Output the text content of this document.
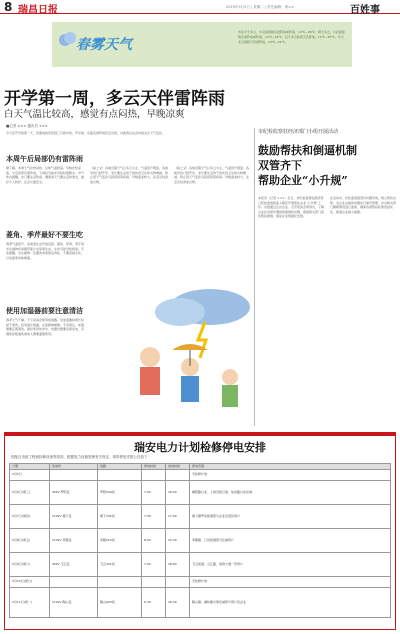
8 瑞昌日报	2019年3月5日 | 星期二 | 责任编辑：黄××	百姓事
春雾天气
市区今天多云，午后到傍晚有雷阵雨或阵雨，13℃~26℃；明天多云，午后到傍晚有雷阵雨或阵雨，13℃~25℃；后天多云转阴天有阵雨，14℃~25℃。今天多云到阴天有雷阵雨，13℃~24℃。
开学第一周，多云天伴雷阵雨
白天气温比较高，感觉有点闷热，早晚凉爽
■记者 ××× 通讯员 ×××
今天是开学的第一天，但暴雨的危机到三月的中旬。开学前，后面有雷阵雨还后出现，对此我们也会持续关注天气变化。
本周午后局部仍有雷阵雨
据了解，本周天气比较闷热，总体气温较高。早晚比较凉爽，午后局部有雷阵雨，下雨时可能伴有短时强降水。市气象台提醒，出门要注意防雨，遇雷雨天气要注意防雷击，做好个人防护，注意交通安全。
菱角、季芹最好不要生吃
春季气温回升，各类寄生虫开始活跃。菱角、荸荠、季芹等水生植物容易携带姜片虫等寄生虫，生吃可能导致感染。专家提醒，水生植物一定要洗净煮熟后再吃，不要直接生吃，以免损害身体健康。
使用加湿器前要注意清洁
春季天气干燥，不少家庭会使用加湿器。但加湿器如果长时间不清洗，容易滋生细菌，反而影响健康。专家建议，加湿器要定期清洗，最好使用纯净水，放置位置要远离家电，有慢性呼吸道疾病的人群要谨慎使用。
（接上文）各地近期天气以多云为主，气温回升明显。各地学校已经开学，家长要注意孩子的饮食卫生和衣物增减，防止因天气变化引起感冒等疾病。早晚温差较大，注意及时添加衣物。
（接上文）各地近期天气以多云为主，气温回升明显。各地学校已经开学，家长要注意孩子的饮食卫生和衣物增减，防止因天气变化引起感冒等疾病。早晚温差较大，注意及时添加衣物。
市纪检监察驻经济部门小组开展活动
鼓励帮扶和倒逼机制
双管齐下
帮助企业“小升规”
本报讯（记者 ×××）近日，市纪检监察驻经济部门纪检监察组深入辖区开展帮扶企业“小升规”工作。该组通过走访企业、召开座谈会等形式，了解企业在发展中遇到的困难和问题，督促相关部门落实帮扶措施，推动企业规模化发展。
在活动中，纪检监察组坚持问题导向，建立帮扶台账，对企业反映的问题实行销号管理，并对相关部门履职情况进行监督，确保各项帮扶政策落到实处，助推企业做大做强。
瑞安电力计划检修停电安排
因配合市政工程和检修设备等原因，根据电力设施管理有关规定，现将停电安排公告如下：
日期	变电所	线路	停电时间	送电时间	停电范围
3月5日					无检修计划
3月6日(周三)	35kV 罗阳变	罗阳540线	7:00	16:00	横阳路以北、上建设街以南、仙岩路以东区域
3月7日(周四)	110kV 塘下变	塘下701线	7:30	17:00	塘下镇罗凤街道部分企业及居民用户
3月8日(周五)	110kV 莘塍变	莘塍515线	8:00	15:30	莘塍镇、汀田街道部分区域用户
3月9日(周六)	35kV 飞云变	飞云321线	7:00	18:00	飞云街道、云江路、南滨大道一带用户
3月10日(周日)					无检修计划
3月11日(周一)	110kV 陶山变	陶山603线	6:30	16:30	陶山镇、湖岭镇交界区域部分用户及企业
